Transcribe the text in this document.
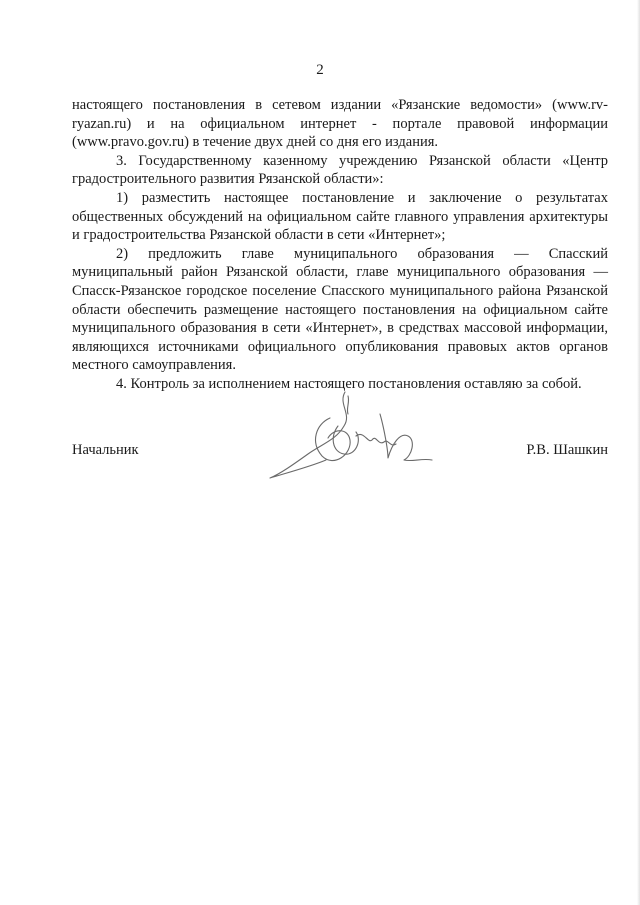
2

настоящего постановления в сетевом издании «Рязанские ведомости» (www.rv-ryazan.ru) и на официальном интернет - портале правовой информации (www.pravo.gov.ru) в течение двух дней со дня его издания.

3. Государственному казенному учреждению Рязанской области «Центр градостроительного развития Рязанской области»:

1) разместить настоящее постановление и заключение о результатах общественных обсуждений на официальном сайте главного управления архитектуры и градостроительства Рязанской области в сети «Интернет»;

2) предложить главе муниципального образования — Спасский муниципальный район Рязанской области, главе муниципального образования — Спасск-Рязанское городское поселение Спасского муниципального района Рязанской области обеспечить размещение настоящего постановления на официальном сайте муниципального образования в сети «Интернет», в средствах массовой информации, являющихся источниками официального опубликования правовых актов органов местного самоуправления.

4. Контроль за исполнением настоящего постановления оставляю за собой.

Начальник	Р.В. Шашкин
